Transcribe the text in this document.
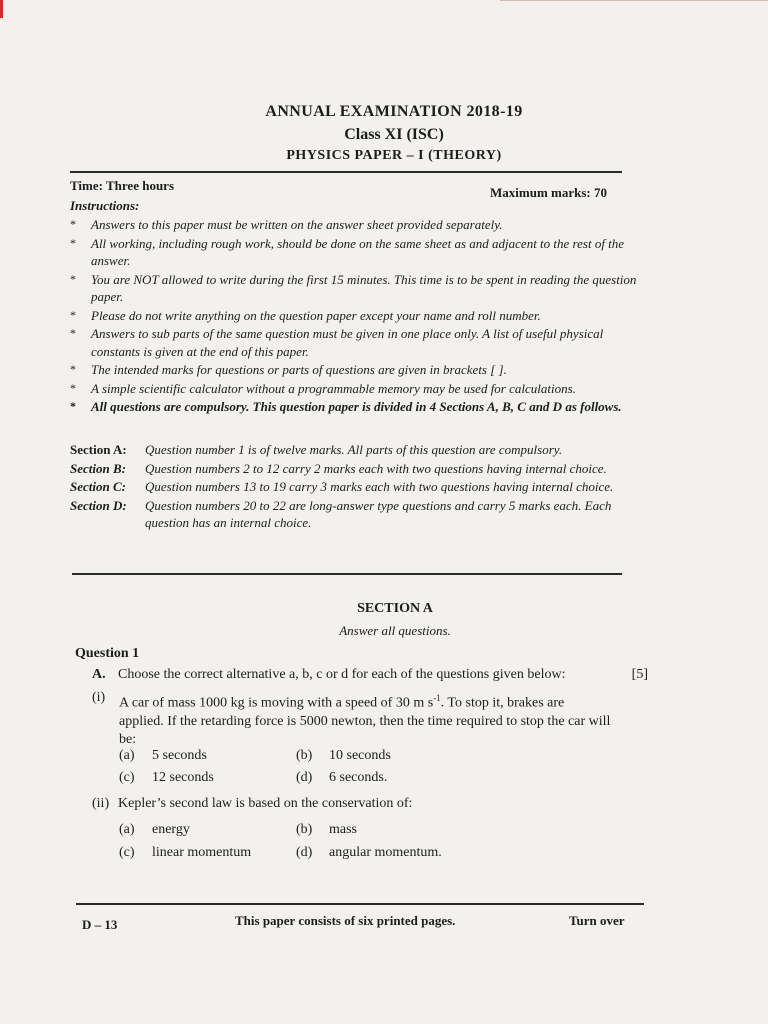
ANNUAL EXAMINATION 2018-19
Class XI (ISC)
PHYSICS PAPER – I (THEORY)
Time: Three hours	Maximum marks: 70
Instructions:
* Answers to this paper must be written on the answer sheet provided separately.
* All working, including rough work, should be done on the same sheet as and adjacent to the rest of the answer.
* You are NOT allowed to write during the first 15 minutes. This time is to be spent in reading the question paper.
* Please do not write anything on the question paper except your name and roll number.
* Answers to sub parts of the same question must be given in one place only. A list of useful physical constants is given at the end of this paper.
* The intended marks for questions or parts of questions are given in brackets [ ].
* A simple scientific calculator without a programmable memory may be used for calculations.
* All questions are compulsory. This question paper is divided in 4 Sections A, B, C and D as follows.
Section A:	Question number 1 is of twelve marks. All parts of this question are compulsory.
Section B:	Question numbers 2 to 12 carry 2 marks each with two questions having internal choice.
Section C:	Question numbers 13 to 19 carry 3 marks each with two questions having internal choice.
Section D:	Question numbers 20 to 22 are long-answer type questions and carry 5 marks each. Each question has an internal choice.
SECTION A
Answer all questions.
Question 1
A. Choose the correct alternative a, b, c or d for each of the questions given below:	[5]
(i) A car of mass 1000 kg is moving with a speed of 30 m $s^{-1}$. To stop it, brakes are applied. If the retarding force is 5000 newton, then the time required to stop the car will be:
(a) 5 seconds	(b) 10 seconds
(c) 12 seconds	(d) 6 seconds.
(ii) Kepler’s second law is based on the conservation of:
(a) energy	(b) mass
(c) linear momentum	(d) angular momentum.
D – 13	This paper consists of six printed pages.	Turn over
